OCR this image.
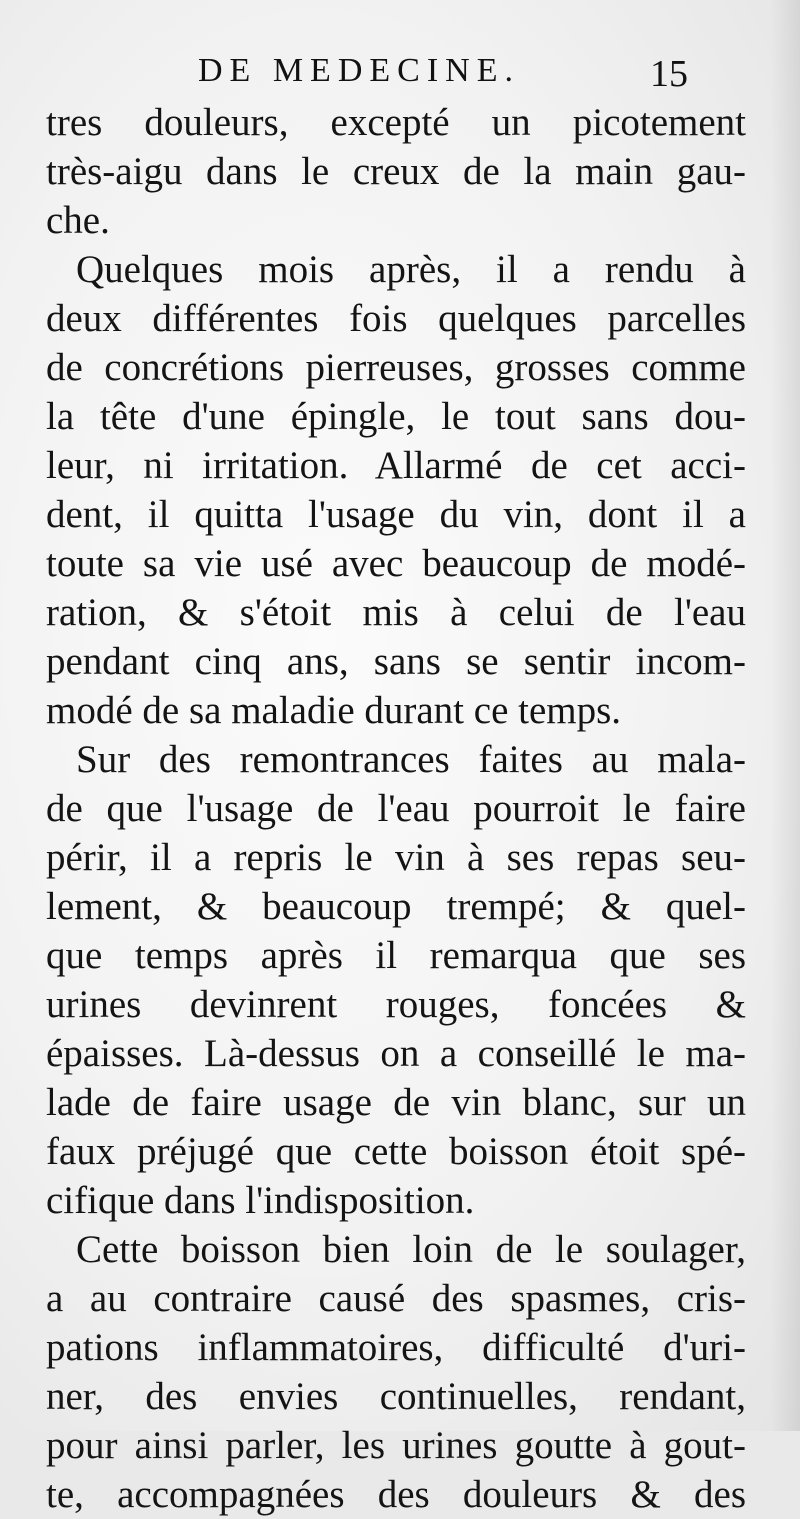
DE MEDECINE.	15
tres douleurs, excepté un picotement
très-aigu dans le creux de la main gau-
che.
Quelques mois après, il a rendu à
deux différentes fois quelques parcelles
de concrétions pierreuses, grosses comme
la tête d'une épingle, le tout sans dou-
leur, ni irritation. Allarmé de cet acci-
dent, il quitta l'usage du vin, dont il a
toute sa vie usé avec beaucoup de modé-
ration, & s'étoit mis à celui de l'eau
pendant cinq ans, sans se sentir incom-
modé de sa maladie durant ce temps.
Sur des remontrances faites au mala-
de que l'usage de l'eau pourroit le faire
périr, il a repris le vin à ses repas seu-
lement, & beaucoup trempé; & quel-
que temps après il remarqua que ses
urines devinrent rouges, foncées &
épaisses. Là-dessus on a conseillé le ma-
lade de faire usage de vin blanc, sur un
faux préjugé que cette boisson étoit spé-
cifique dans l'indisposition.
Cette boisson bien loin de le soulager,
a au contraire causé des spasmes, cris-
pations inflammatoires, difficulté d'uri-
ner, des envies continuelles, rendant,
pour ainsi parler, les urines goutte à gout-
te, accompagnées des douleurs & des
